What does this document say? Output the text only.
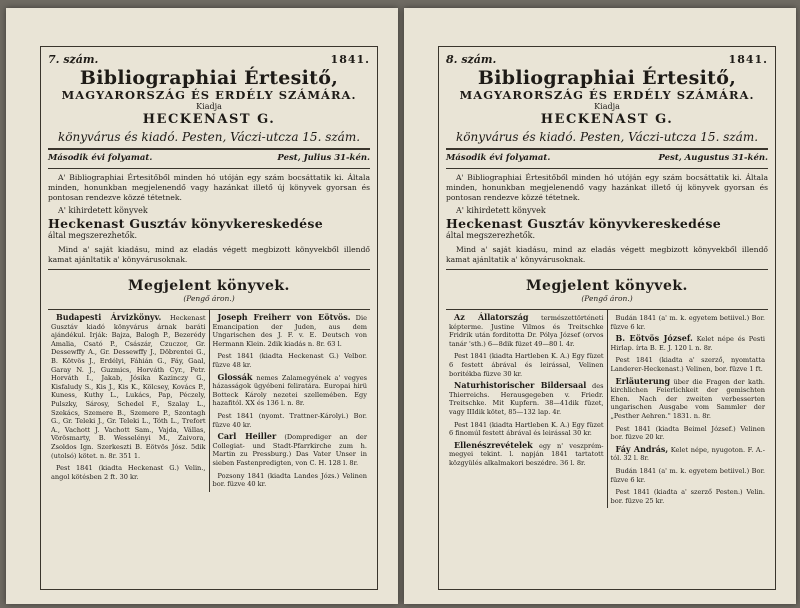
7. szám.	1841.
Bibliographiai Értesitő,
MAGYARORSZÁG ÉS ERDÉLY SZÁMÁRA.
Kiadja
HECKENAST G.
könyvárus és kiadó. Pesten, Váczi-utcza 15. szám.
Második évi folyamat.	Pest, Julius 31-kén.
A' Bibliographiai Értesitőből minden hó utóján egy szám bocsáttatik ki. Általa minden, honunkban megjelenendő vagy hazánkat illető új könyvek gyorsan és pontosan rendezve közzé tétetnek.
A' kihirdetett könyvek
Heckenast Gusztáv könyvkereskedése
által megszerezhetők.
Mind a' saját kiadásu, mind az eladás végett megbizott könyvekből illendő kamat ajánltatik a' könyvárusoknak.
Megjelent könyvek.
(Pengő áron.)
Budapesti Árvizkönyv. Heckenast Gusztáv kiadó könyvárus árnak baráti ajándékul. Irják: Bajza, Balogh P., Bezerédy Amalia, Csató P., Császár, Czuczor, Gr. Dessewffy A., Gr. Dessewffy J., Döbrentei G., B. Kötvös J., Erdélyi, Fáhián G., Fáy, Gaal, Garay N. J., Guzmics, Horváth Cyr., Petr. Horváth I., Jakab, Jósika Kazinczy G., Kisfaludy S., Kis J., Kis K., Kölcsey, Kovács P., Kuness, Kuthy L., Lukács, Pap, Péczely, Pulszky, Sárosy, Schedel F., Szalay L., Szekács, Szemere B., Szemere P., Szontagh G., Gr. Teleki J., Gr. Teleki L., Tóth L., Trefort A., Vachott J. Vachott Sam., Vajda, Vállas, Vörösmarty, B. Wesselényi M., Zaivora, Zsoldos Ign. Szerkeszti B. Eötvös Jósz. 5dik (utolsó) kötet. n. 8r. 351 1.
Pest 1841 (kiadta Heckenast G.) Velin., angol kötésben 2 ft. 30 kr.
Joseph Freiherr von Eötvös. Die Emancipation der Juden, aus dem Ungarischen des J. F. v. E. Deutsch von Hermann Klein. 2dik kiadás n. 8r. 63 l.
Pest 1841 (kiadta Heckenast G.) Velbor. füzve 48 kr.
Glossák nemes Zalamegyének a' vegyes házasságok ügyébeni feliratára. Europai hirü Botteck Károly nezetei szellemében. Egy hazafitól. XX és 136 l. n. 8r.
Pest 1841 (nyomt. Trattner-Károlyi.) Bor. füzve 40 kr.
Carl Heiller (Domprediger an der Collegiat- und Stadt-Pfarrkirche zum h. Martin zu Pressburg.) Das Vater Unser in sieben Fastenpredigten, von C. H. 128 l. 8r.
Pozsony 1841 (kiadta Landes Józs.) Velinen bor. füzve 40 kr.
8. szám.	1841.
Bibliographiai Értesitő,
MAGYARORSZÁG ÉS ERDÉLY SZÁMÁRA.
Kiadja
HECKENAST G.
könyvárus és kiadó. Pesten, Váczi-utcza 15. szám.
Második évi folyamat.	Pest, Augustus 31-kén.
A' Bibliographiai Értesitőből minden hó utóján egy szám bocsáttatik ki. Általa minden, honunkban megjelenendő vagy hazánkat illető új könyvek gyorsan és pontosan rendezve közzé tétetnek.
A' kihirdetett könyvek
Heckenast Gusztáv könyvkereskedése
által megszerezhetők.
Mind a' saját kiadásu, mind az eladás végett megbizott könyvekből illendő kamat ajánltatik a' könyvárusoknak.
Megjelent könyvek.
(Pengő áron.)
Az Állatország természettörténeti képterme. Justine Vilmos és Treitschke Fridrik után forditotta Dr. Pólya József (orvos tanár 'sth.) 6—8dik füzet 49—80 l. 4r.
Pest 1841 (kiadta Hartleben K. A.) Egy füzet 6 festett ábrával és leirással, Velinen boritékba füzve 30 kr.
Naturhistorischer Bildersaal des Thierreichs. Herausgegeben v. Friedr. Treitschke. Mit Kupfern. 38—41dik füzet, vagy IIIdik kötet, 85—132 lap. 4r.
Pest 1841 (kiadta Hartleben K. A.) Egy füzet 6 finomúl festett ábrával és leirással 30 kr.
Ellenészrevételek egy n' veszprém-megyei tekint. l. napján 1841 tartatott közgyülés alkalmakori beszédre. 36 l. 8r.
Budán 1841 (a' m. k. egyetem betiivel.) Bor. füzve 6 kr.
B. Eötvös József. Kelet népe és Pesti Hirlap. írta B. E. J. 120 l. n. 8r.
Pest 1841 (kiadta a' szerző, nyomtatta Landerer-Heckenast.) Velinen, bor. füzve 1 ft.
Erläuterung über die Fragen der kath. kirchlichen Feierlichkeit der gemischten Ehen. Nach der zweiten verbesserten ungarischen Ausgabe vom Sammler der „Pesther Aehren." 1831. n. 8r.
Pest 1841 (kiadta Beimel József.) Velinen bor. füzve 20 kr.
Fáy András, Kelet népe, nyugoton. F. A.-tól. 32 l. 8r.
Budán 1841 (a' m. k. egyetem betiivel.) Bor. füzve 6 kr.
Pest 1841 (kiadta a' szerző Pesten.) Velin. bor. füzve 25 kr.
